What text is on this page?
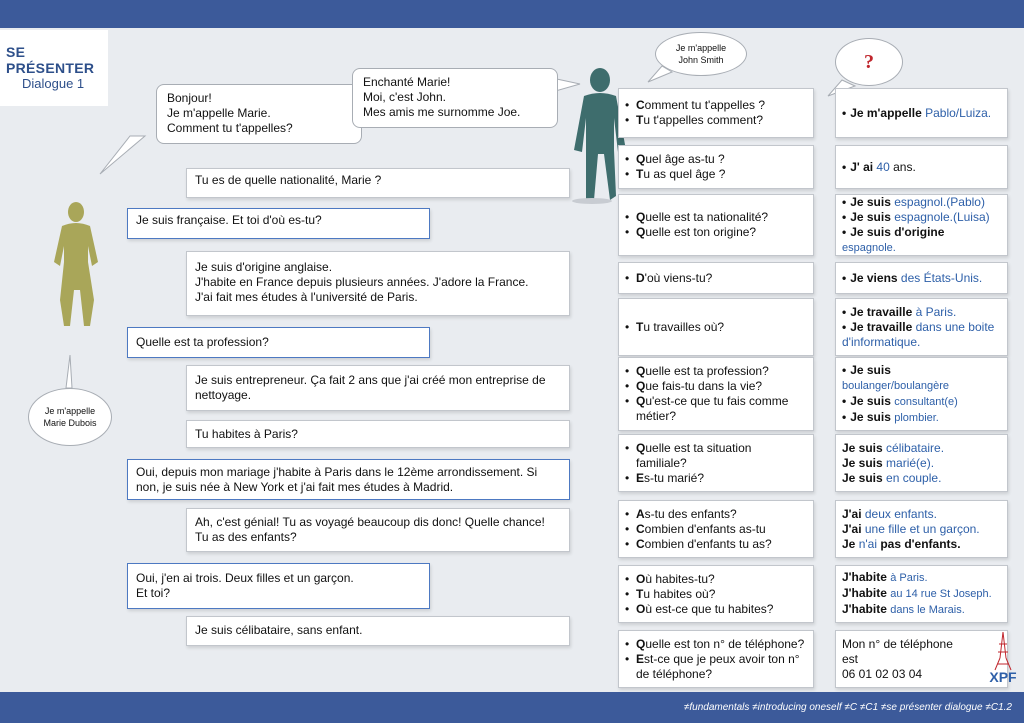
SE PRÉSENTER
Dialogue 1
Bonjour!
Je m'appelle Marie.
Comment tu t'appelles?
Enchanté Marie!
Moi, c'est John.
Mes amis me surnomme Joe.
Je m'appelle
John Smith
Je m'appelle
Marie Dubois
?
Tu es de quelle nationalité, Marie ?
Je suis française. Et toi d'où es-tu?
Je suis d'origine anglaise.
J'habite en France depuis plusieurs années. J'adore la France.
J'ai fait mes études à l'université de Paris.
Quelle est ta profession?
Je suis entrepreneur. Ça fait 2 ans que j'ai créé mon entreprise de
nettoyage.
Tu habites à Paris?
Oui, depuis mon mariage j'habite à Paris dans le 12ème arrondissement. Si
non, je suis née à New York et j'ai fait mes études à Madrid.
Ah, c'est génial! Tu as voyagé beaucoup dis donc! Quelle chance!
Tu as des enfants?
Oui, j'en ai trois. Deux filles et un garçon.
Et toi?
Je suis célibataire, sans enfant.
• Comment tu t'appelles ?
• Tu t'appelles comment?
• Je m'appelle Pablo/Luiza.
• Quel âge as-tu ?
• Tu as quel âge ?
• J' ai 40 ans.
• Quelle est ta nationalité?
• Quelle est ton origine?
• Je suis espagnol.(Pablo)
• Je suis espagnole.(Luisa)
• Je suis d'origine espagnole.
• D'où viens-tu?	• Je viens des États-Unis.
• Tu travailles où?
• Je travaille à Paris.
• Je travaille dans une boite
d'informatique.
• Quelle est ta profession?
• Que fais-tu dans la vie?
• Qu'est-ce que tu fais comme
métier?
• Je suis boulanger/boulangère
• Je suis consultant(e)
• Je suis plombier.
• Quelle est ta situation familiale?
• Es-tu marié?
Je suis célibataire.
Je suis marié(e).
Je suis en couple.
• As-tu des enfants?
• Combien d'enfants as-tu
• Combien d'enfants tu as?
J'ai deux enfants.
J'ai une fille et un garçon.
Je n'ai pas d'enfants.
• Où habites-tu?
• Tu habites où?
• Où est-ce que tu habites?
J'habite à Paris.
J'habite au 14 rue St Joseph.
J'habite dans le Marais.
• Quelle est ton n° de téléphone?
• Est-ce que je peux avoir ton n°
de téléphone?
Mon n° de téléphone
est
06 01 02 03 04	XPF
≠fundamentals ≠introducing oneself ≠C ≠C1 ≠se présenter dialogue ≠C1.2
